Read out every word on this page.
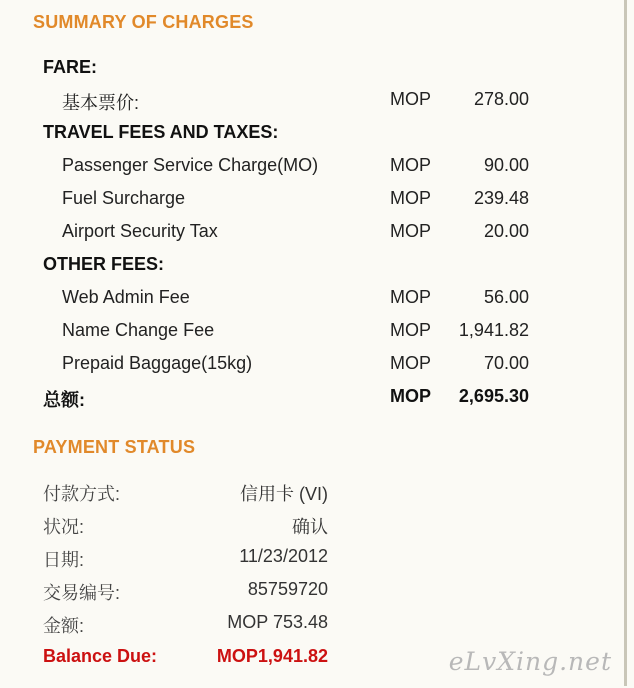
SUMMARY OF CHARGES
FARE:
基本票价:	MOP 278.00
TRAVEL FEES AND TAXES:
Passenger Service Charge(MO)	MOP	90.00
Fuel Surcharge	MOP 239.48
Airport Security Tax	MOP	20.00
OTHER FEES:
Web Admin Fee	MOP	56.00
Name Change Fee	MOP 1,941.82
Prepaid Baggage(15kg)	MOP	70.00
总额:	MOP 2,695.30
PAYMENT STATUS
付款方式:	信用卡 (VI)
状况:	确认
日期:	11/23/2012
交易编号:	85759720
金额:	MOP 753.48
Balance Due:	MOP1,941.82	eLvXing.net
